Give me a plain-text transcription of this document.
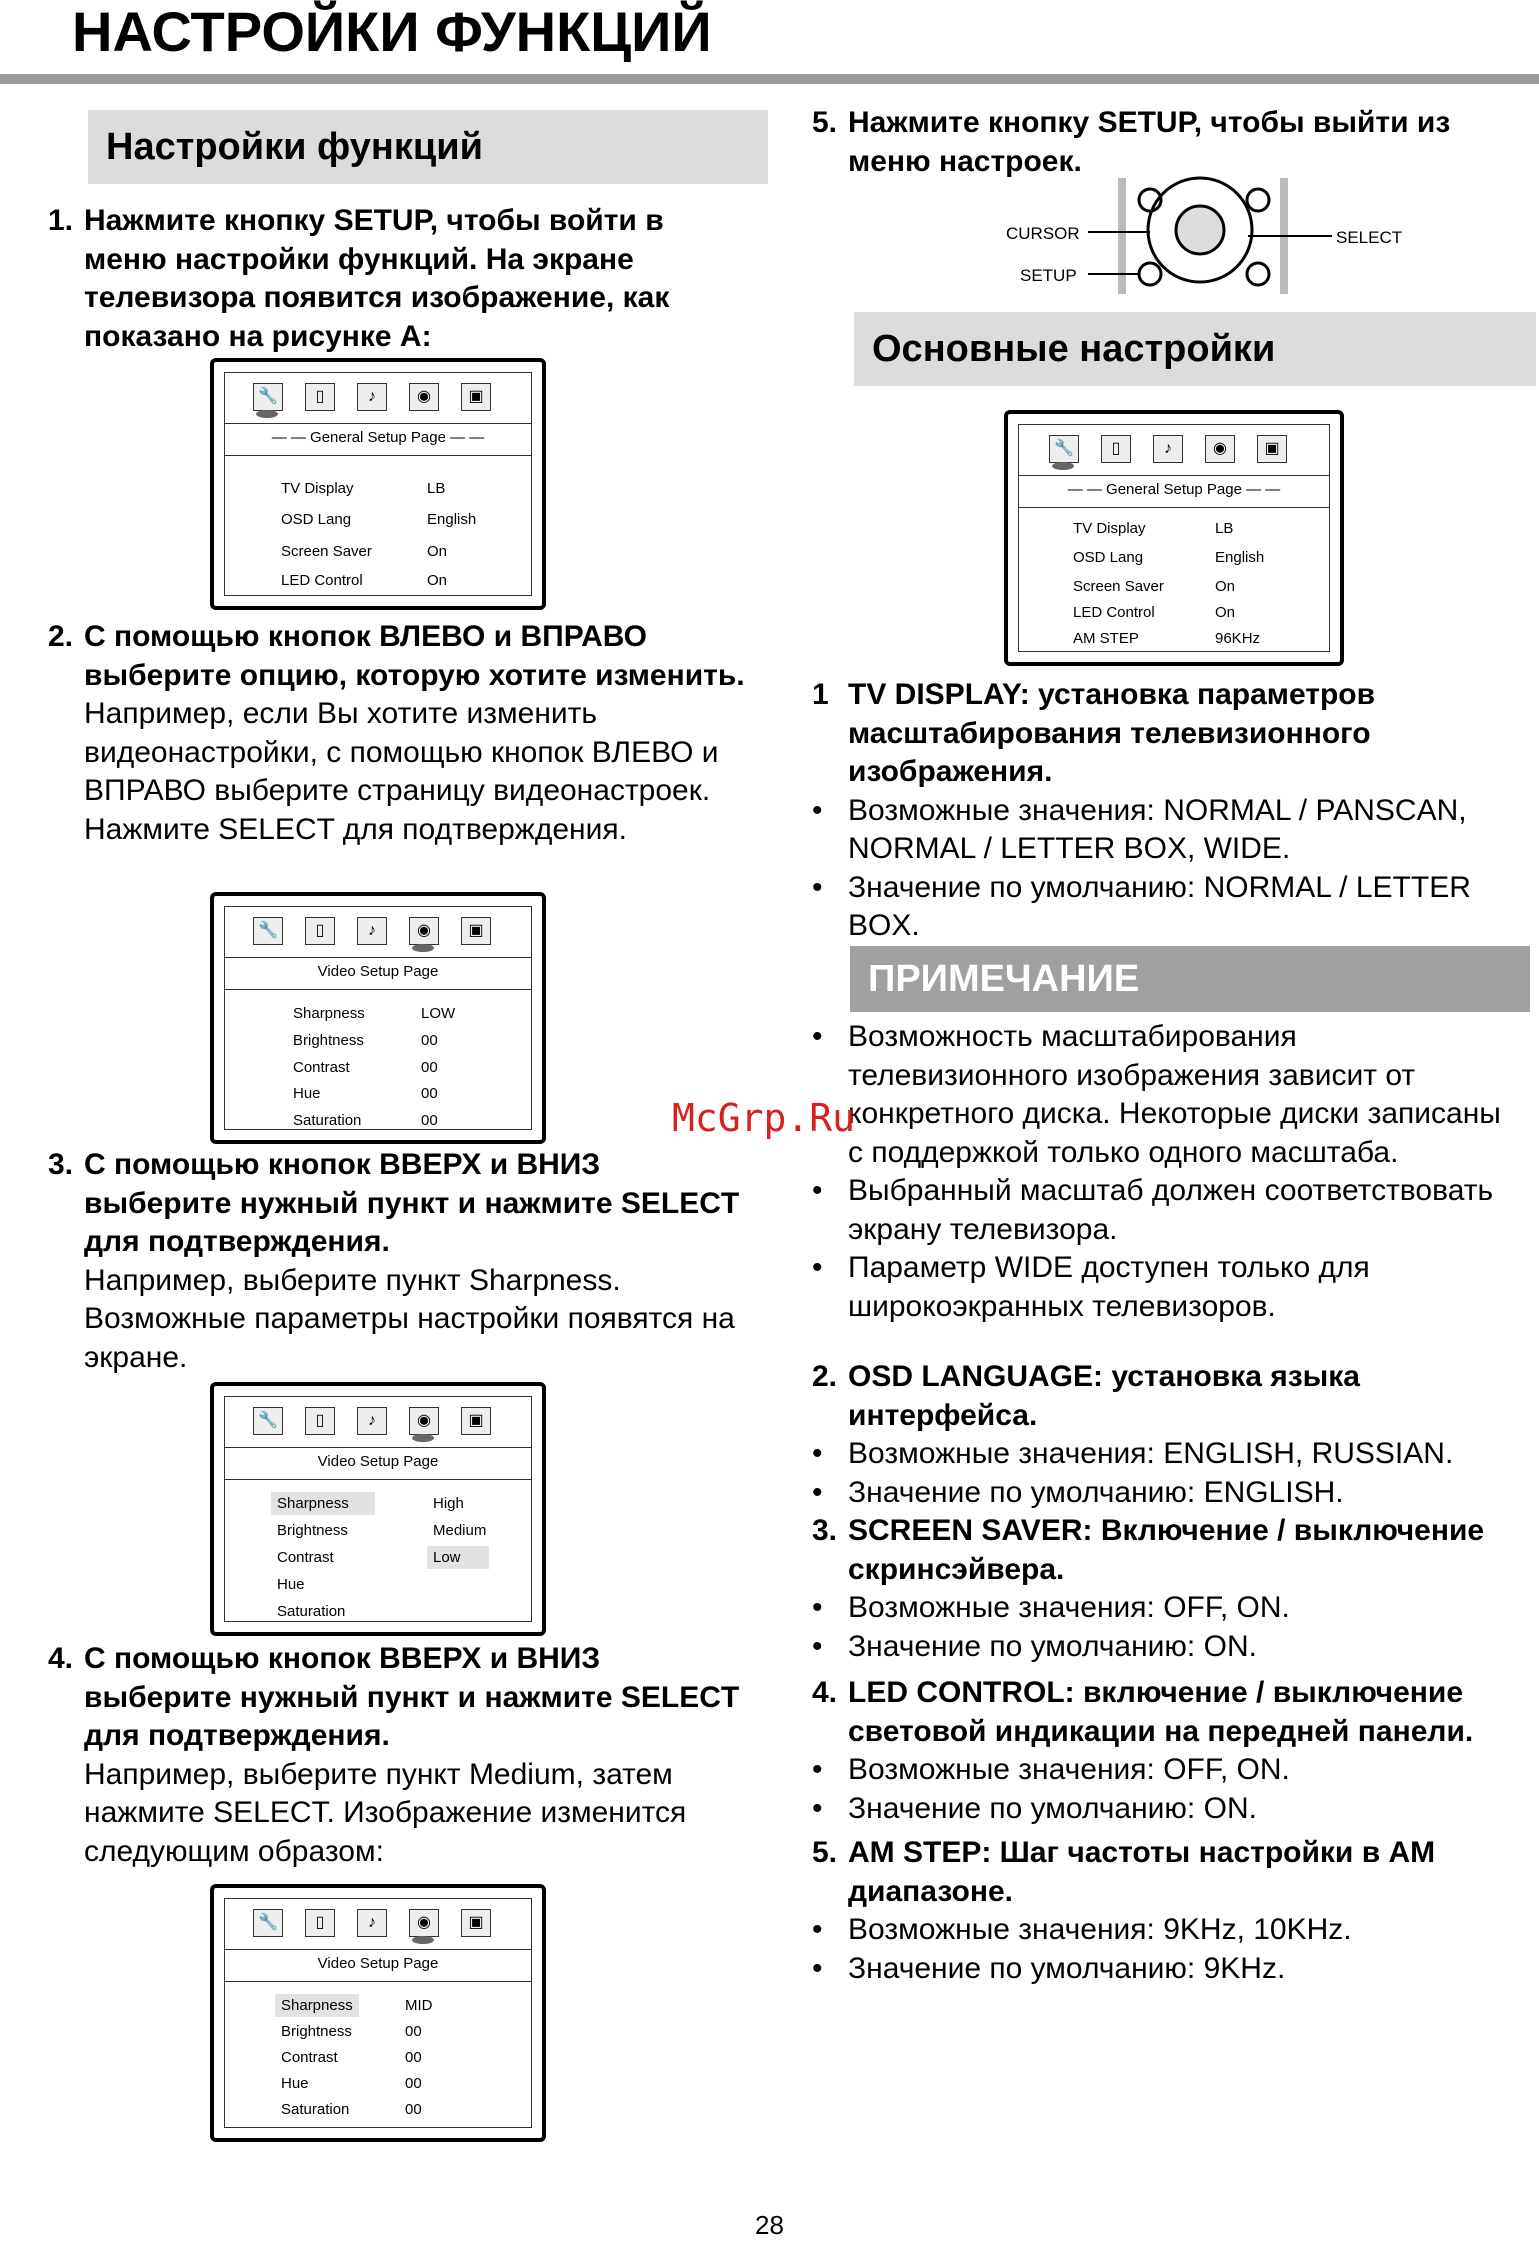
НАСТРОЙКИ ФУНКЦИЙ
Настройки функций
1. Нажмите кнопку SETUP, чтобы войти в меню настройки функций. На экране телевизора появится изображение, как показано на рисунке A:
🔧	▯	♪	◉	▣
— — General Setup Page — —
TV Display	LB
OSD Lang	English
Screen Saver	On
LED Control	On
2. С помощью кнопок ВЛЕВО и ВПРАВО выберите опцию, которую хотите изменить.
Например, если Вы хотите изменить видеонастройки, с помощью кнопок ВЛЕВО и ВПРАВО выберите страницу видеонастроек. Нажмите SELECT для подтверждения.
🔧	▯	♪	◉	▣
Video Setup Page
Sharpness	LOW
Brightness	00
Contrast	00
Hue	00
Saturation	00
3. С помощью кнопок ВВЕРХ и ВНИЗ выберите нужный пункт и нажмите SELECT для подтверждения.
Например, выберите пункт Sharpness. Возможные параметры настройки появятся на экране.
🔧	▯	♪	◉	▣
Video Setup Page
Sharpness	High
Brightness	Medium
Contrast	Low
Hue
Saturation
4. С помощью кнопок ВВЕРХ и ВНИЗ выберите нужный пункт и нажмите SELECT для подтверждения.
Например, выберите пункт Medium, затем нажмите SELECT. Изображение изменится следующим образом:
🔧	▯	♪	◉	▣
Video Setup Page
Sharpness	MID
Brightness	00
Contrast	00
Hue	00
Saturation	00
5. Нажмите кнопку SETUP, чтобы выйти из меню настроек.
CURSOR
SETUP
SELECT
Основные настройки
🔧	▯	♪	◉	▣
— — General Setup Page — —
TV Display	LB
OSD Lang	English
Screen Saver	On
LED Control	On
AM STEP	96KHz
1 TV DISPLAY: установка параметров масштабирования телевизионного изображения.
• Возможные значения: NORMAL / PANSCAN, NORMAL / LETTER BOX, WIDE.
• Значение по умолчанию: NORMAL / LETTER BOX.
ПРИМЕЧАНИЕ
• Возможность масштабирования телевизионного изображения зависит от конкретного диска. Некоторые диски записаны с поддержкой только одного масштаба.
• Выбранный масштаб должен соответствовать экрану телевизора.
• Параметр WIDE доступен только для широкоэкранных телевизоров.
2. OSD LANGUAGE: установка языка интерфейса.
• Возможные значения: ENGLISH, RUSSIAN.
• Значение по умолчанию: ENGLISH.
3. SCREEN SAVER: Включение / выключение скринсэйвера.
• Возможные значения: OFF, ON.
• Значение по умолчанию: ON.
4. LED CONTROL: включение / выключение световой индикации на передней панели.
• Возможные значения: OFF, ON.
• Значение по умолчанию: ON.
5. AM STEP: Шаг частоты настройки в AM диапазоне.
• Возможные значения: 9KHz, 10KHz.
• Значение по умолчанию: 9KHz.
McGrp.Ru
28
